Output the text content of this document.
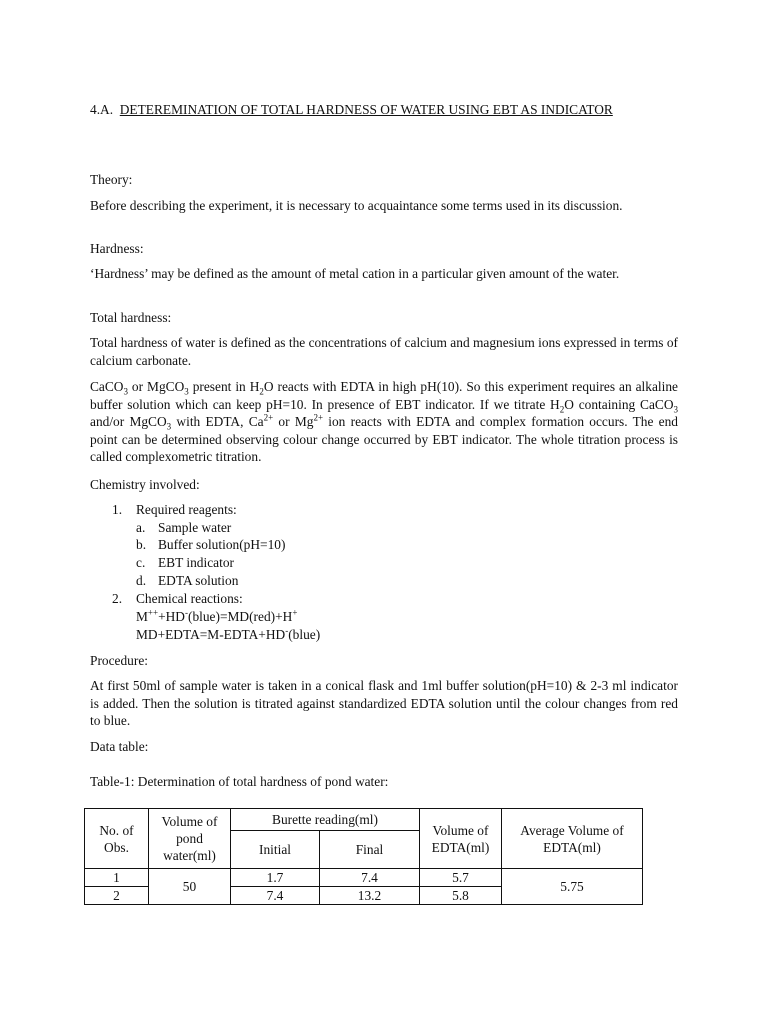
4.A. DETEREMINATION OF TOTAL HARDNESS OF WATER USING EBT AS INDICATOR
Theory:
Before describing the experiment, it is necessary to acquaintance some terms used in its discussion.
Hardness:
‘Hardness’ may be defined as the amount of metal cation in a particular given amount of the water.
Total hardness:
Total hardness of water is defined as the concentrations of calcium and magnesium ions expressed in terms of calcium carbonate.
CaCO$_3$ or MgCO$_3$ present in $H_2O$ reacts with EDTA in high pH(10). So this experiment requires an alkaline buffer solution which can keep pH=10. In presence of EBT indicator. If we titrate $H_2O$ containing CaCO$_3$ and/or MgCO$_3$ with EDTA, $Ca^{2+}$ or $Mg^{2+}$ ion reacts with EDTA and complex formation occurs. The end point can be determined observing colour change occurred by EBT indicator. The whole titration process is called complexometric titration.
Chemistry involved:
1. Required reagents:
a. Sample water
b. Buffer solution(pH=10)
c. EBT indicator
d. EDTA solution
2. Chemical reactions:
M+++HD-(blue)=MD(red)+H+
MD+EDTA=M-EDTA+HD-(blue)
Procedure:
At first 50ml of sample water is taken in a conical flask and 1ml buffer solution(pH=10) & 2-3 ml indicator is added. Then the solution is titrated against standardized EDTA solution until the colour changes from red to blue.
Data table:
Table-1: Determination of total hardness of pond water:
No. of Obs.	Volume of pond water(ml)	Burette reading(ml)		Volume of EDTA(ml)	Average Volume of EDTA(ml)
		Initial	Final		
1	50	1.7	7.4	5.7	5.75
2		7.4	13.2	5.8	
